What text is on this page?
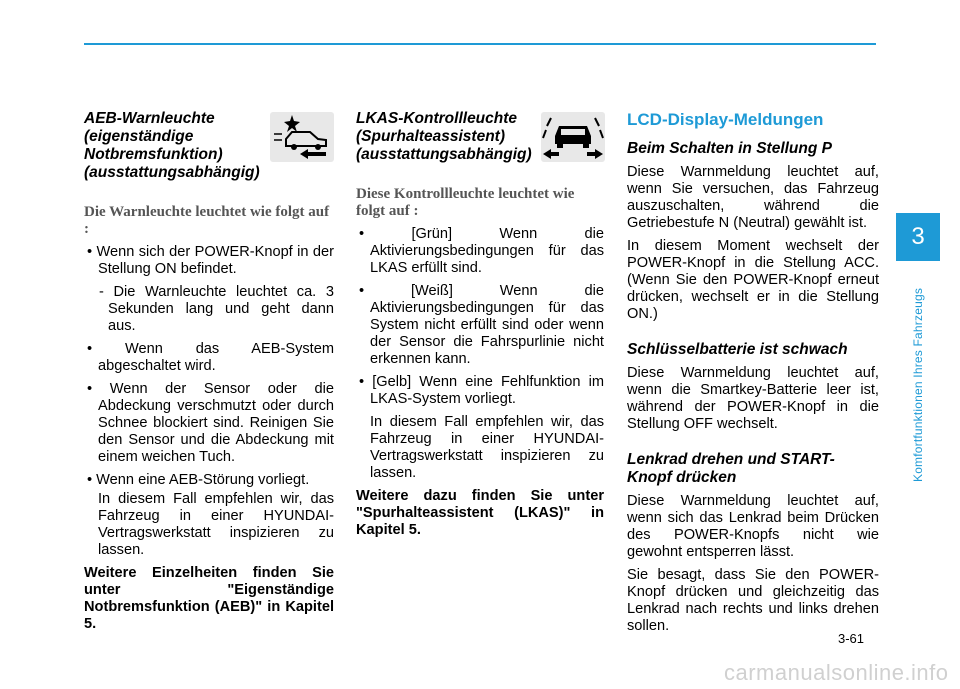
AEB-Warnleuchte
(eigenständige
Notbremsfunktion)
(ausstattungsabhängig)
Die Warnleuchte leuchtet wie folgt auf :

• Wenn sich der POWER-Knopf in der Stellung ON befindet.

- Die Warnleuchte leuchtet ca. 3 Sekunden lang und geht dann aus.

• Wenn das AEB-System abgeschaltet wird.

• Wenn der Sensor oder die Abdeckung verschmutzt oder durch Schnee blockiert sind. Reinigen Sie den Sensor und die Abdeckung mit einem weichen Tuch.

• Wenn eine AEB-Störung vorliegt.

In diesem Fall empfehlen wir, das Fahrzeug in einer HYUNDAI-Vertragswerkstatt inspizieren zu lassen.

Weitere Einzelheiten finden Sie unter "Eigenständige Notbremsfunktion (AEB)" in Kapitel 5.

LKAS-Kontrollleuchte
(Spurhalteassistent)
(ausstattungsabhängig)
Diese Kontrollleuchte leuchtet wie folgt auf :

• [Grün] Wenn die Aktivierungsbedingungen für das LKAS erfüllt sind.

• [Weiß] Wenn die Aktivierungsbedingungen für das System nicht erfüllt sind oder wenn der Sensor die Fahrspurlinie nicht erkennen kann.

• [Gelb] Wenn eine Fehlfunktion im LKAS-System vorliegt.

In diesem Fall empfehlen wir, das Fahrzeug in einer HYUNDAI-Vertragswerkstatt inspizieren zu lassen.

Weitere dazu finden Sie unter "Spurhalteassistent (LKAS)" in Kapitel 5.

LCD-Display-Meldungen
Beim Schalten in Stellung P

Diese Warnmeldung leuchtet auf, wenn Sie versuchen, das Fahrzeug auszuschalten, während die Getriebestufe N (Neutral) gewählt ist.

In diesem Moment wechselt der POWER-Knopf in die Stellung ACC. (Wenn Sie den POWER-Knopf erneut drücken, wechselt er in die Stellung ON.)

Schlüsselbatterie ist schwach

Diese Warnmeldung leuchtet auf, wenn die Smartkey-Batterie leer ist, während der POWER-Knopf in die Stellung OFF wechselt.

Lenkrad drehen und START-
Knopf drücken

Diese Warnmeldung leuchtet auf, wenn sich das Lenkrad beim Drücken des POWER-Knopfs nicht wie gewohnt entsperren lässt.

Sie besagt, dass Sie den POWER-Knopf drücken und gleichzeitig das Lenkrad nach rechts und links drehen sollen.

3
Komfortfunktionen Ihres Fahrzeugs
3-61
carmanualsonline.info
